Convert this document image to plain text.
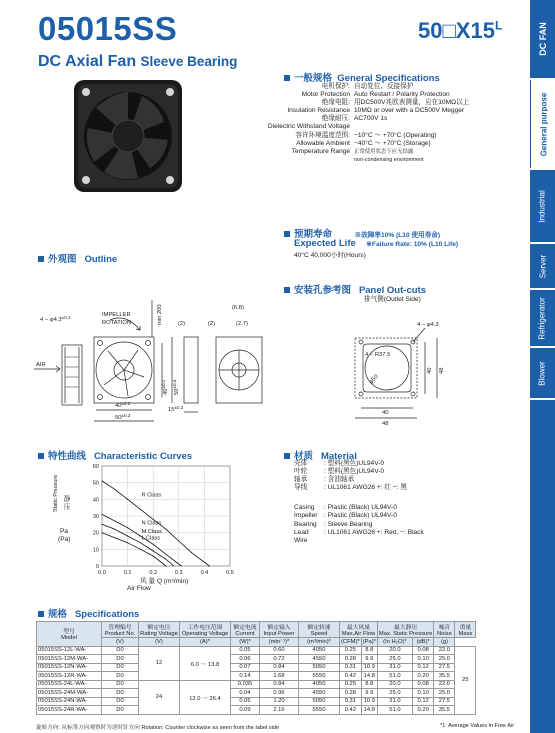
05015SS
DC Axial Fan Sleeve Bearing
$50□X15^L$	DC FAN
General purpose
Industrial
Server
Refrigerator
Blower
一般规格 General Specifications
电机保护: 自动复位、反接保护
Motor Protection Auto Restart / Polarity Protection
绝缘电阻: 用DC500V兆欧表测量，应在10MΩ以上
Insulation Resistance 10MΩ or over with a DC500V Megger
绝缘耐压: AC700V 1s
Dielectric Withstand Voltage
容许环境温度范围: −10°C ～ +70°C (Operating)
Allowable Ambient −40°C ～ +70°C (Storage)
Temperature Range 正常使用状态下应无结露
non-condensing environment
预期寿命	※故障率10% (L10 使用寿命)
Expected Life ※Failure Rate: 10% (L10 Life)
40°C 40,000小时(Hours)
外观图 Outline
$4 - \varphi 4.3^{\pm 0.2}$	IMPELLER
ROTATION	min 200
AIR
$40^{\pm 0.2}$
$50^{\pm 0.3}$
$40^{\pm 0.2}$
$50^{\pm 0.3}$
$15^{\pm 0.2}$
(6.8)
(2)	(2)	(2.7)
安装孔参考图 Panel Out-cuts
排气侧(Outlet Side)
4 − φ4.3
4 − R37.5
φ50
40
48
40 48
特性曲线 Characteristic Curves
静压
Static Pressure
Pa
(Pa)
风 量 Q (m³/min)
Air Flow
0
10
20
30
40
50
60
0.0	0.1	0.2	0.3	0.4	0.5
R Class
N Class
M Class
L Class
材质 Material
壳体	: 塑料(黑色)UL94V-0
叶轮	: 塑料(黑色)UL94V-0
轴承	: 含油轴承
导线	: UL1061 AWG26 +: 红 −: 黑
Casing	: Plastic (Black) UL94V-0
Impeller : Plastic (Black) UL94V-0
Bearing	: Sleeve Bearing
Lead Wire
: UL1061 AWG26 +: Red, −: Black
规格 Specifications
型号
Model	管理编号
Product No.	额定电压
Rating Voltage	工作电压范围
Operating Voltage	额定电流
Current	额定输入
Input Power	额定转速
Speed	最大风量
Max.Air Flow		最大静压
Max. Static Pressure		噪音
Noise	重量
Mass
	(V)	(V)	(A)*	(W)*	(min⁻¹)*	(m³/min)*	(CFM)*	(Pa)*	(In H₂O)*	(dB)*	(g)	
05015SS-12L-WA-	D0	12	6.0 ～ 13.8	0.05	0.60	4050	0.25	8.8	20.0	0.08	22.0	25
05015SS-12M-WA-	D0			0.06	0.72	4550	0.28	9.9	25.0	0.10	25.0	
05015SS-12N-WA-	D0			0.07	0.84	5050	0.31	10.9	31.0	0.12	27.5	
05015SS-12R-WA-	D0			0.14	1.68	6550	0.42	14.8	51.0	0.20	35.5	
05015SS-24L-WA-	D0	24	12.0 ～ 26.4	0.035	0.84	4050	0.25	8.8	20.0	0.08	22.0	
05015SS-24M-WA-	D0			0.04	0.96	4550	0.28	9.9	25.0	0.10	25.0	
05015SS-24N-WA-	D0			0.05	1.20	5050	0.31	10.9	31.0	0.12	27.5	
05015SS-24R-WA-	D0			0.09	2.16	6550	0.42	14.8	51.0	0.20	35.5	
旋转方向: 从标签方向观察时为逆时针方向 Rotation: Counter clockwise as seen from the label side	*1: Average Values in Free Air
